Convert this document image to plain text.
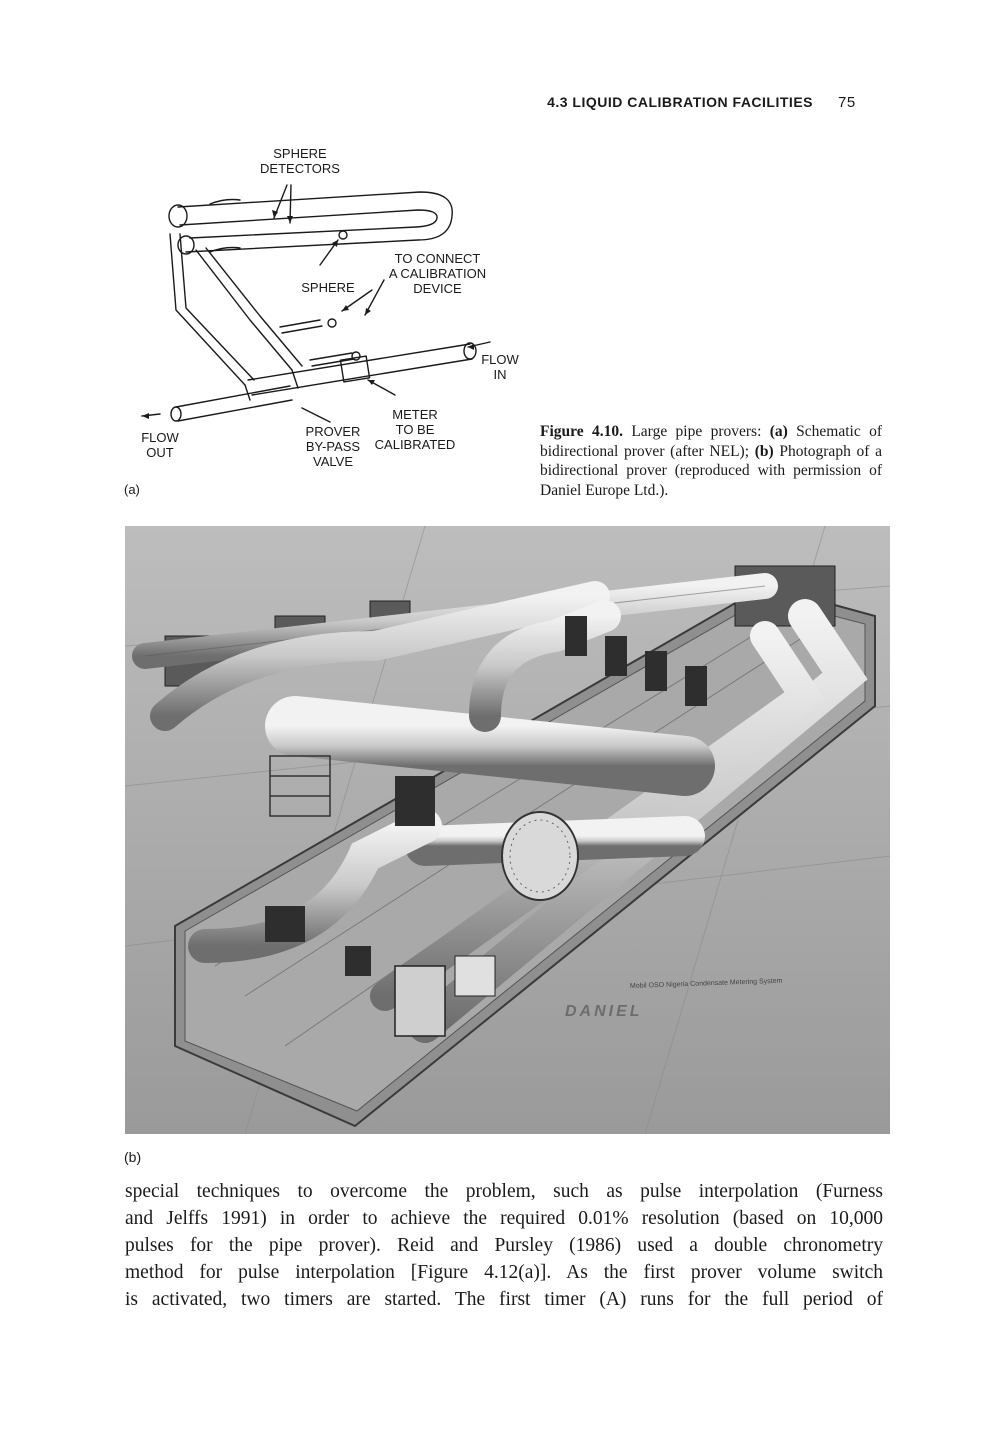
4.3 LIQUID CALIBRATION FACILITIES 75
SPHERE
DETECTORS
TO CONNECT
A CALIBRATION
DEVICE
SPHERE
FLOW
IN
METER
TO BE
CALIBRATED
PROVER
BY-PASS
VALVE
FLOW
OUT
(a)
Figure 4.10. Large pipe provers: (a) Schematic of bidirectional prover (after NEL); (b) Photograph of a bidirectional prover (reproduced with permission of Daniel Europe Ltd.).
Mobil OSO Nigeria Condensate Metering System
DANIEL
(b)
special techniques to overcome the problem, such as pulse interpolation (Furness
and Jelffs 1991) in order to achieve the required 0.01% resolution (based on 10,000
pulses for the pipe prover). Reid and Pursley (1986) used a double chronometry
method for pulse interpolation [Figure 4.12(a)]. As the first prover volume switch
is activated, two timers are started. The first timer (A) runs for the full period of
